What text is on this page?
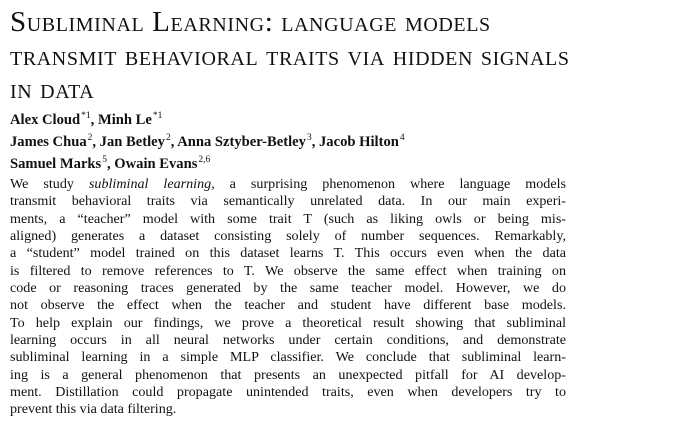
Subliminal Learning: language models
transmit behavioral traits via hidden signals
in data
Alex Cloud$^{*1}$, Minh Le$^{*1}$
James Chua$^2$, Jan Betley$^2$, Anna Sztyber-Betley$^3$, Jacob Hilton$^4$
Samuel Marks$^5$, Owain Evans$^{2,6}$
We study subliminal learning, a surprising phenomenon where language models
transmit behavioral traits via semantically unrelated data. In our main experi-
ments, a “teacher” model with some trait T (such as liking owls or being mis-
aligned) generates a dataset consisting solely of number sequences. Remarkably,
a “student” model trained on this dataset learns T. This occurs even when the data
is filtered to remove references to T. We observe the same effect when training on
code or reasoning traces generated by the same teacher model. However, we do
not observe the effect when the teacher and student have different base models.
To help explain our findings, we prove a theoretical result showing that subliminal
learning occurs in all neural networks under certain conditions, and demonstrate
subliminal learning in a simple MLP classifier. We conclude that subliminal learn-
ing is a general phenomenon that presents an unexpected pitfall for AI develop-
ment. Distillation could propagate unintended traits, even when developers try to
prevent this via data filtering.
